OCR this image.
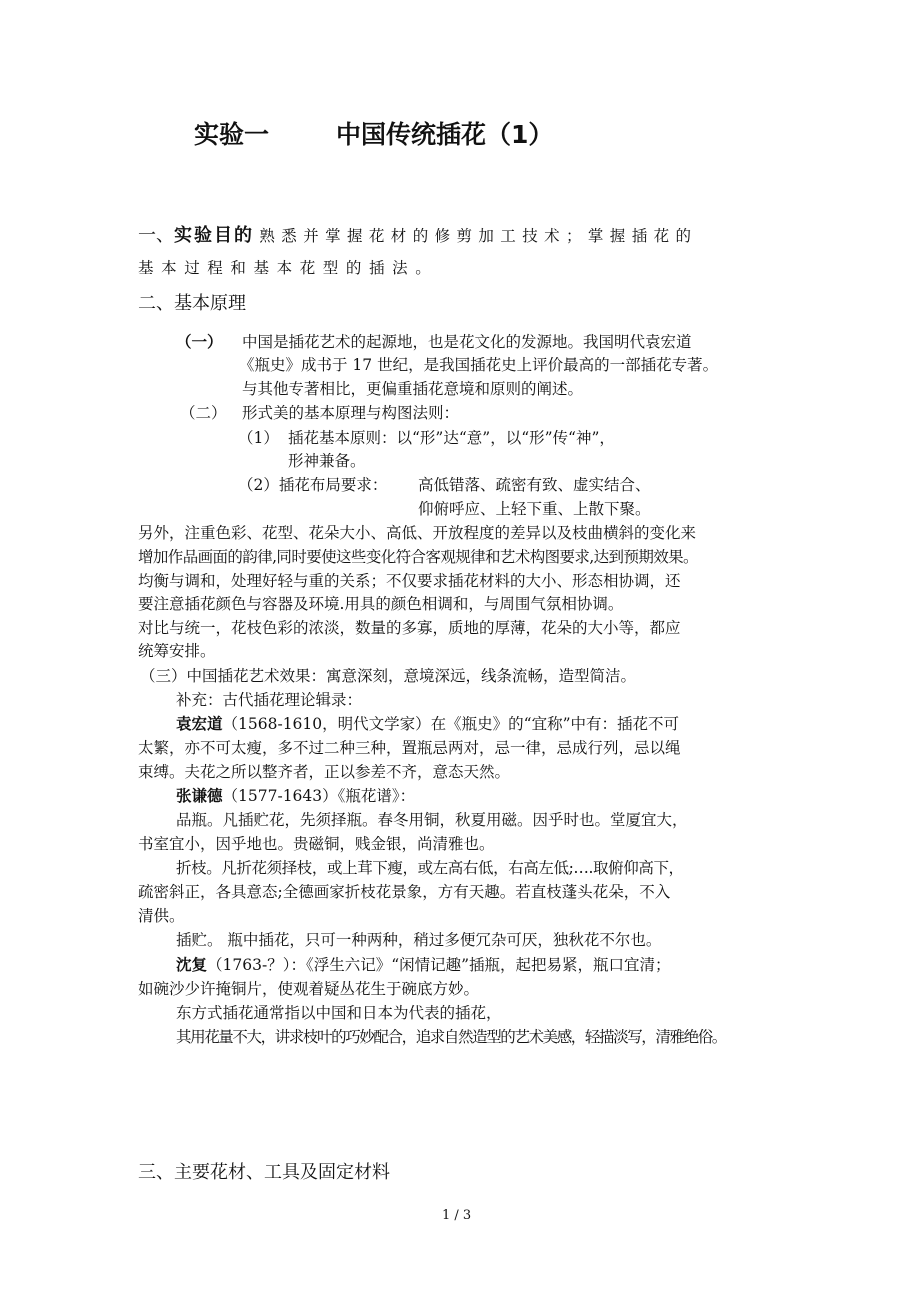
实验一	中国传统插花（1）
一、实验目的 熟悉并掌握花材的修剪加工技术；掌握插花的
基本过程和基本花型的插法。
二、基本原理
（一） 中国是插花艺术的起源地，也是花文化的发源地。我国明代袁宏道
《瓶史》成书于 17 世纪，是我国插花史上评价最高的一部插花专著。
与其他专著相比，更偏重插花意境和原则的阐述。
（二） 形式美的基本原理与构图法则：
（1） 插花基本原则：以“形”达“意”，以“形”传“神”，
形神兼备。
（2）插花布局要求： 高低错落、疏密有致、虚实结合、
仰俯呼应、上轻下重、上散下聚。
另外，注重色彩、花型、花朵大小、高低、开放程度的差异以及枝曲横斜的变化来
增加作品画面的韵律,同时要使这些变化符合客观规律和艺术构图要求,达到预期效果。
均衡与调和，处理好轻与重的关系；不仅要求插花材料的大小、形态相协调，还
要注意插花颜色与容器及环境.用具的颜色相调和，与周围气氛相协调。
对比与统一，花枝色彩的浓淡，数量的多寡，质地的厚薄，花朵的大小等，都应
统筹安排。
（三）中国插花艺术效果：寓意深刻，意境深远，线条流畅，造型简洁。
补充：古代插花理论辑录：
袁宏道（1568-1610，明代文学家）在《瓶史》的“宜称”中有：插花不可
太繁，亦不可太瘦，多不过二种三种，置瓶忌两对，忌一律，忌成行列，忌以绳
束缚。夫花之所以整齐者，正以参差不齐，意态天然。
张谦德（1577-1643）《瓶花谱》：
品瓶。凡插贮花，先须择瓶。春冬用铜，秋夏用磁。因乎时也。堂厦宜大，
书室宜小，因乎地也。贵磁铜，贱金银，尚清雅也。
折枝。凡折花须择枝，或上茸下瘦，或左高右低，右高左低;….取俯仰高下，
疏密斜正，各具意态;全德画家折枝花景象，方有天趣。若直枝蓬头花朵，不入
清供。
插贮。 瓶中插花，只可一种两种，稍过多便冗杂可厌，独秋花不尔也。
沈复（1763-？）：《浮生六记》“闲情记趣”插瓶，起把易紧，瓶口宜清；
如碗沙少许掩铜片，使观着疑丛花生于碗底方妙。
东方式插花通常指以中国和日本为代表的插花，
其用花量不大，讲求枝叶的巧妙配合，追求自然造型的艺术美感，轻描淡写，清雅绝俗。
三、主要花材、工具及固定材料
1 / 3
